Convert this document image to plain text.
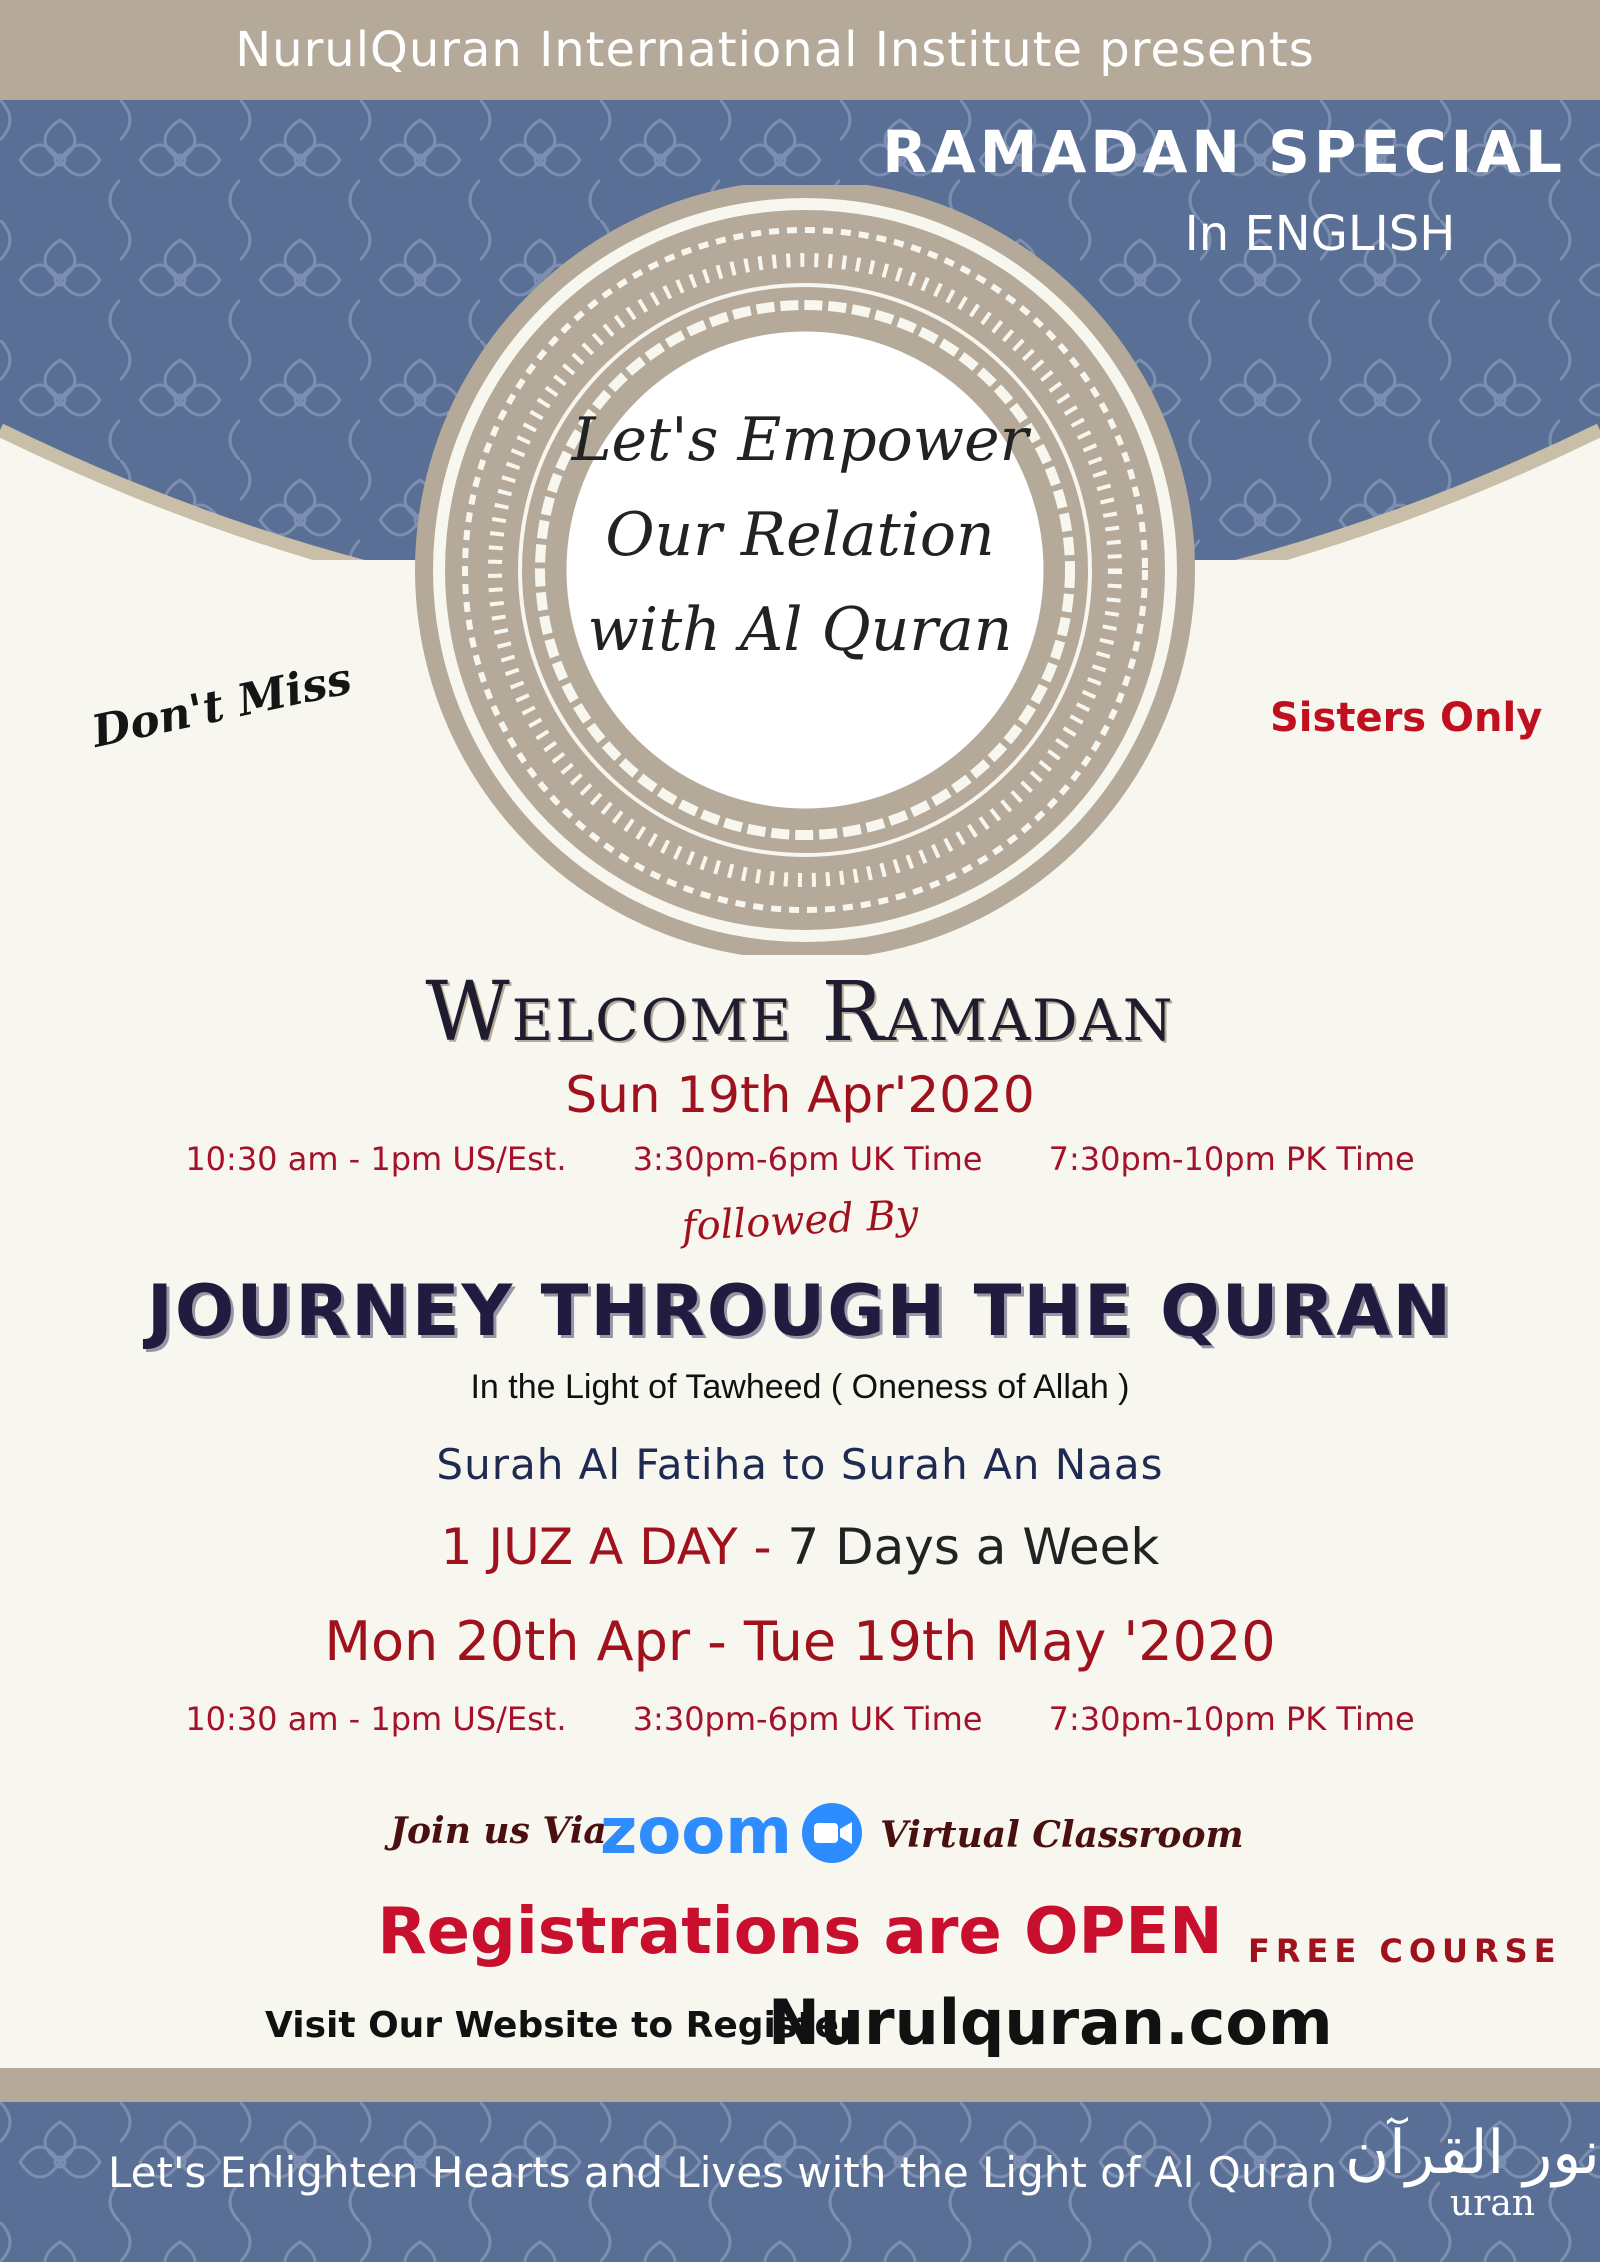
NurulQuran International Institute presents
RAMADAN SPECIAL
In ENGLISH
Let's Empower
Our Relation
with Al Quran
Don't Miss	Sisters Only
Welcome Ramadan
Sun 19th Apr'2020
10:30 am - 1pm US/Est. 3:30pm-6pm UK Time 7:30pm-10pm PK Time
followed By
JOURNEY THROUGH THE QURAN
In the Light of Tawheed ( Oneness of Allah )
Surah Al Fatiha to Surah An Naas
1 JUZ A DAY - 7 Days a Week
Mon 20th Apr - Tue 19th May '2020
10:30 am - 1pm US/Est. 3:30pm-6pm UK Time 7:30pm-10pm PK Time
Join us Via
zoom Virtual Classroom
Registrations are OPEN FREE COURSE
Visit Our Website to Register
Nurulquran.com
Let's Enlighten Hearts and Lives with the Light of Al Quran نور القرآن
uran
